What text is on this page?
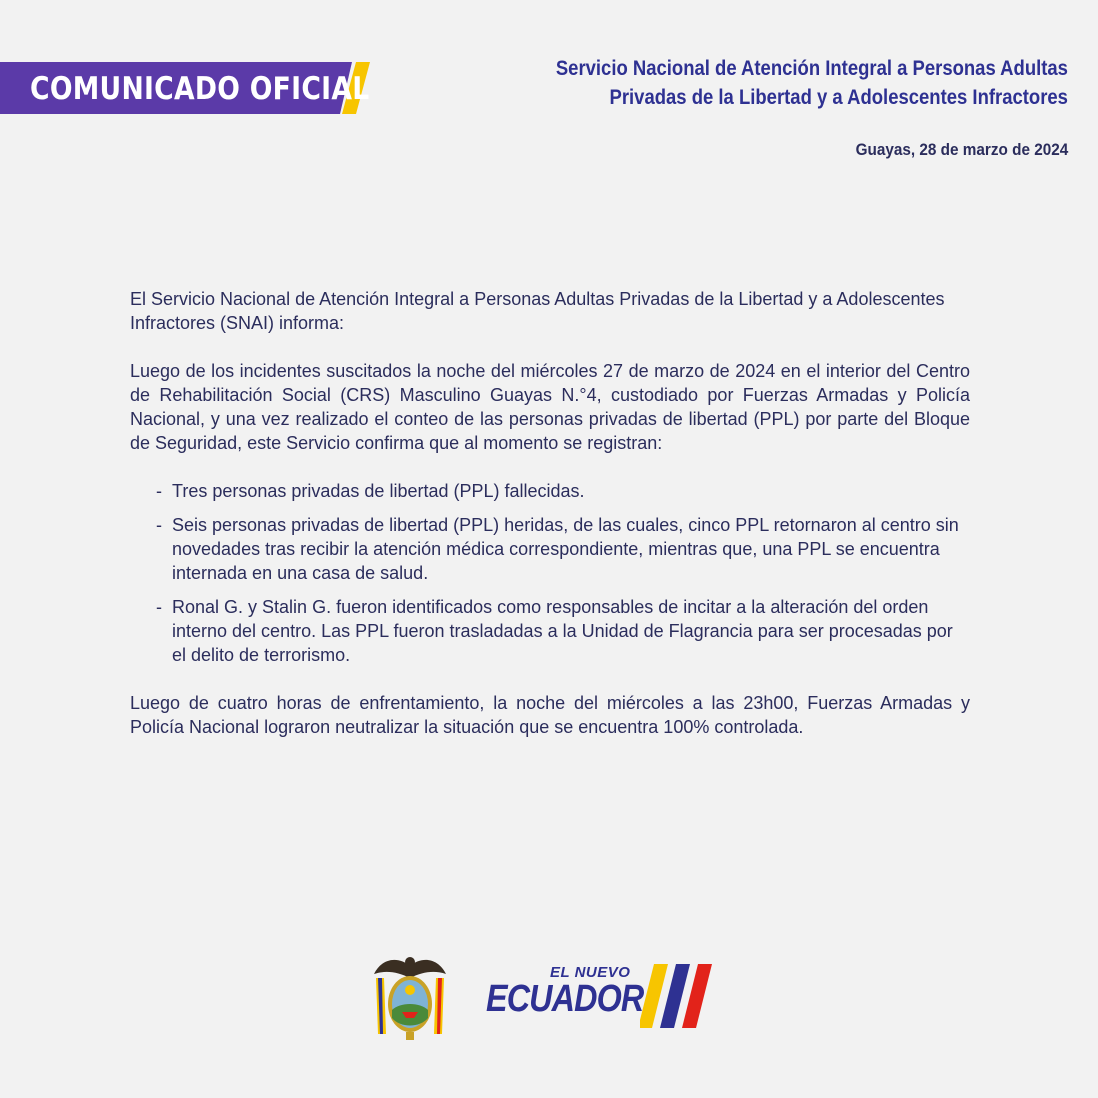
COMUNICADO OFICIAL
Servicio Nacional de Atención Integral a Personas Adultas
Privadas de la Libertad y a Adolescentes Infractores
Guayas, 28 de marzo de 2024

El Servicio Nacional de Atención Integral a Personas Adultas Privadas de la Libertad y a Adolescentes Infractores (SNAI) informa:

Luego de los incidentes suscitados la noche del miércoles 27 de marzo de 2024 en el interior del Centro de Rehabilitación Social (CRS) Masculino Guayas N.°4, custodiado por Fuerzas Armadas y Policía Nacional, y una vez realizado el conteo de las personas privadas de libertad (PPL) por parte del Bloque de Seguridad, este Servicio confirma que al momento se registran:

- Tres personas privadas de libertad (PPL) fallecidas.
- Seis personas privadas de libertad (PPL) heridas, de las cuales, cinco PPL retornaron al centro sin novedades tras recibir la atención médica correspondiente, mientras que, una PPL se encuentra internada en una casa de salud.
- Ronal G. y Stalin G. fueron identificados como responsables de incitar a la alteración del orden interno del centro. Las PPL fueron trasladadas a la Unidad de Flagrancia para ser procesadas por el delito de terrorismo.

Luego de cuatro horas de enfrentamiento, la noche del miércoles a las 23h00, Fuerzas Armadas y Policía Nacional lograron neutralizar la situación que se encuentra 100% controlada.

EL NUEVO
ECUADOR
